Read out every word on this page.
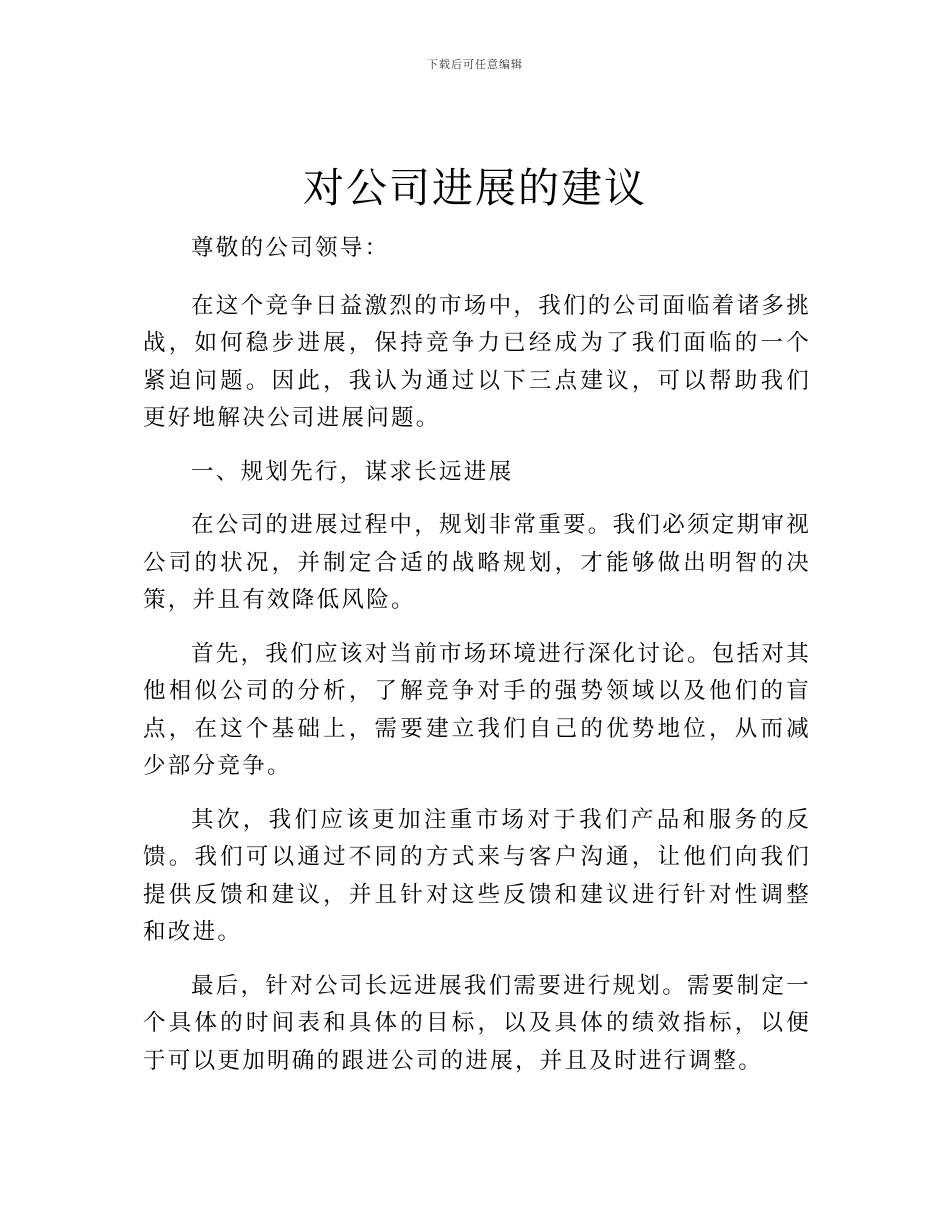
下载后可任意编辑
对公司进展的建议

尊敬的公司领导：

在这个竞争日益激烈的市场中，我们的公司面临着诸多挑战，如何稳步进展，保持竞争力已经成为了我们面临的一个紧迫问题。因此，我认为通过以下三点建议，可以帮助我们更好地解决公司进展问题。

一、规划先行，谋求长远进展

在公司的进展过程中，规划非常重要。我们必须定期审视公司的状况，并制定合适的战略规划，才能够做出明智的决策，并且有效降低风险。

首先，我们应该对当前市场环境进行深化讨论。包括对其他相似公司的分析，了解竞争对手的强势领域以及他们的盲点，在这个基础上，需要建立我们自己的优势地位，从而减少部分竞争。

其次，我们应该更加注重市场对于我们产品和服务的反馈。我们可以通过不同的方式来与客户沟通，让他们向我们提供反馈和建议，并且针对这些反馈和建议进行针对性调整和改进。

最后，针对公司长远进展我们需要进行规划。需要制定一个具体的时间表和具体的目标，以及具体的绩效指标，以便于可以更加明确的跟进公司的进展，并且及时进行调整。
